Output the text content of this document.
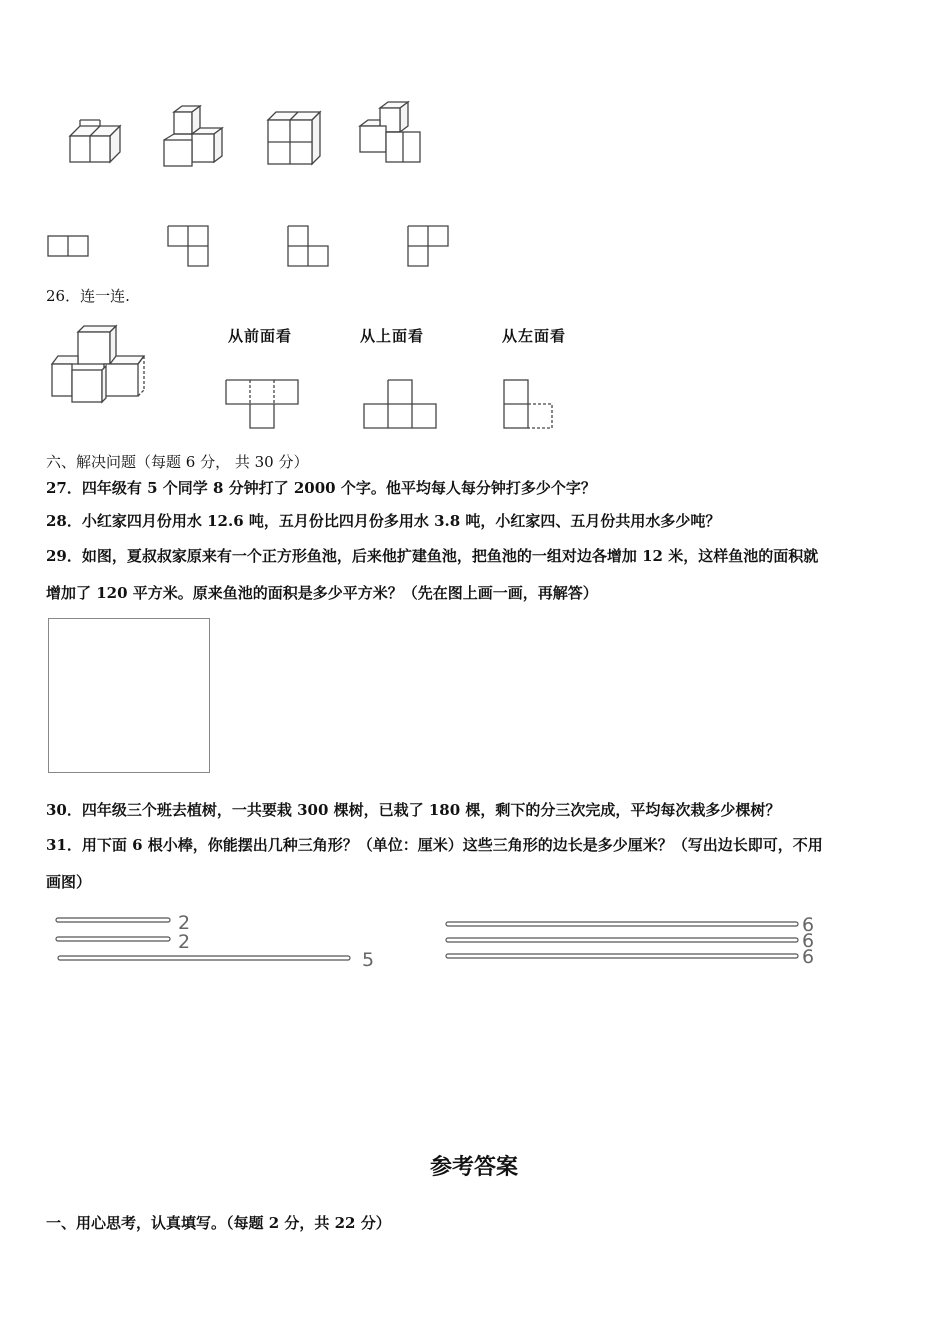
26．连一连.
从前面看	从上面看	从左面看
六、解决问题（每题 6 分， 共 30 分）
27．四年级有 5 个同学 8 分钟打了 2000 个字。他平均每人每分钟打多少个字？
28．小红家四月份用水 12.6 吨，五月份比四月份多用水 3.8 吨，小红家四、五月份共用水多少吨？
29．如图，夏叔叔家原来有一个正方形鱼池，后来他扩建鱼池，把鱼池的一组对边各增加 12 米，这样鱼池的面积就
增加了 120 平方米。原来鱼池的面积是多少平方米？（先在图上画一画，再解答）
30．四年级三个班去植树，一共要栽 300 棵树，已栽了 180 棵，剩下的分三次完成，平均每次栽多少棵树？
31．用下面 6 根小棒，你能摆出几种三角形？（单位：厘米）这些三角形的边长是多少厘米？（写出边长即可，不用
画图）
2
2
5
6
6
6
参考答案
一、用心思考，认真填写。（每题 2 分，共 22 分）
